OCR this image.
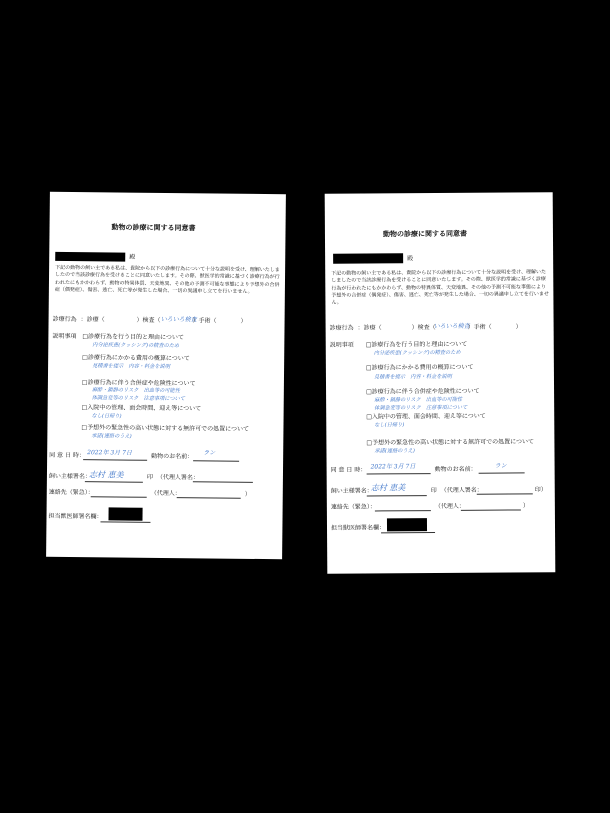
動物の診療に関する同意書
殿
下記の動物の飼い主である私は、貴院から以下の診療行為について十分な説明を受け、理解いたしましたので当該診療行為を受けることに同意いたします。その際、獣医学的常識に基づく診療行為が行われたにもかかわらず、動物の特異体質、天変地異、その他の予測不可能な事態により予想外の合併症（偶発症）、傷害、逃亡、死亡等が発生した場合、一切の異議申し立てを行いません。
診療行為 ：診療（	）検査（ いろいろ検査
）手術（	）
説明事項 □診療行為を行う目的と理由について
内分泌疾患(クッシング)の精査のため
□診療行為にかかる費用の概算について
見積書を提示　内容・料金を説明
□診療行為に伴う合併症や危険性について
麻酔・鎮静のリスク　出血等の可能性
体調急変等のリスク　注意事項について
□入院中の管理、面会時間、迎え等について
なし(日帰り)
□予想外の緊急性の高い状態に対する無許可での処置について
承諾(連絡のうえ)
同 意 日 時： 2022年 3月 7日	動物のお名前： ラン
飼い主様署名：
志村 恵美	印 （代理人署名：
連絡先（緊急）：	（代理人：	）
担当獣医師署名欄：
動物の診療に関する同意書
殿
下記の動物の飼い主である私は、貴院から以下の診療行為について十分な説明を受け、理解いたしましたので当該診療行為を受けることに同意いたします。その際、獣医学的常識に基づく診療行為が行われたにもかかわらず、動物の特異体質、天変地異、その他の予測不可能な事態により予想外の合併症（偶発症）、傷害、逃亡、死亡等が発生した場合、一切の異議申し立てを行いません。
診療行為 ：診療（	）検査（
いろいろ検査
）手術（	）
説明事項 □診療行為を行う目的と理由について
内分泌疾患(クッシング)の精査のため
□診療行為にかかる費用の概算について
見積書を提示　内容・料金を説明
□診療行為に伴う合併症や危険性について
麻酔・鎮静のリスク　出血等の可能性
体調急変等のリスク　注意事項について
□入院中の管理、面会時間、迎え等について
なし(日帰り)
□予想外の緊急性の高い状態に対する無許可での処置について
承諾(連絡のうえ)
同 意 日 時： 2022年 3月 7日	動物のお名前：	ラン
飼い主様署名：
志村 恵美	印 （代理人署名：	印）
連絡先（緊急）：	（代理人：	）
担当獣医師署名欄：
